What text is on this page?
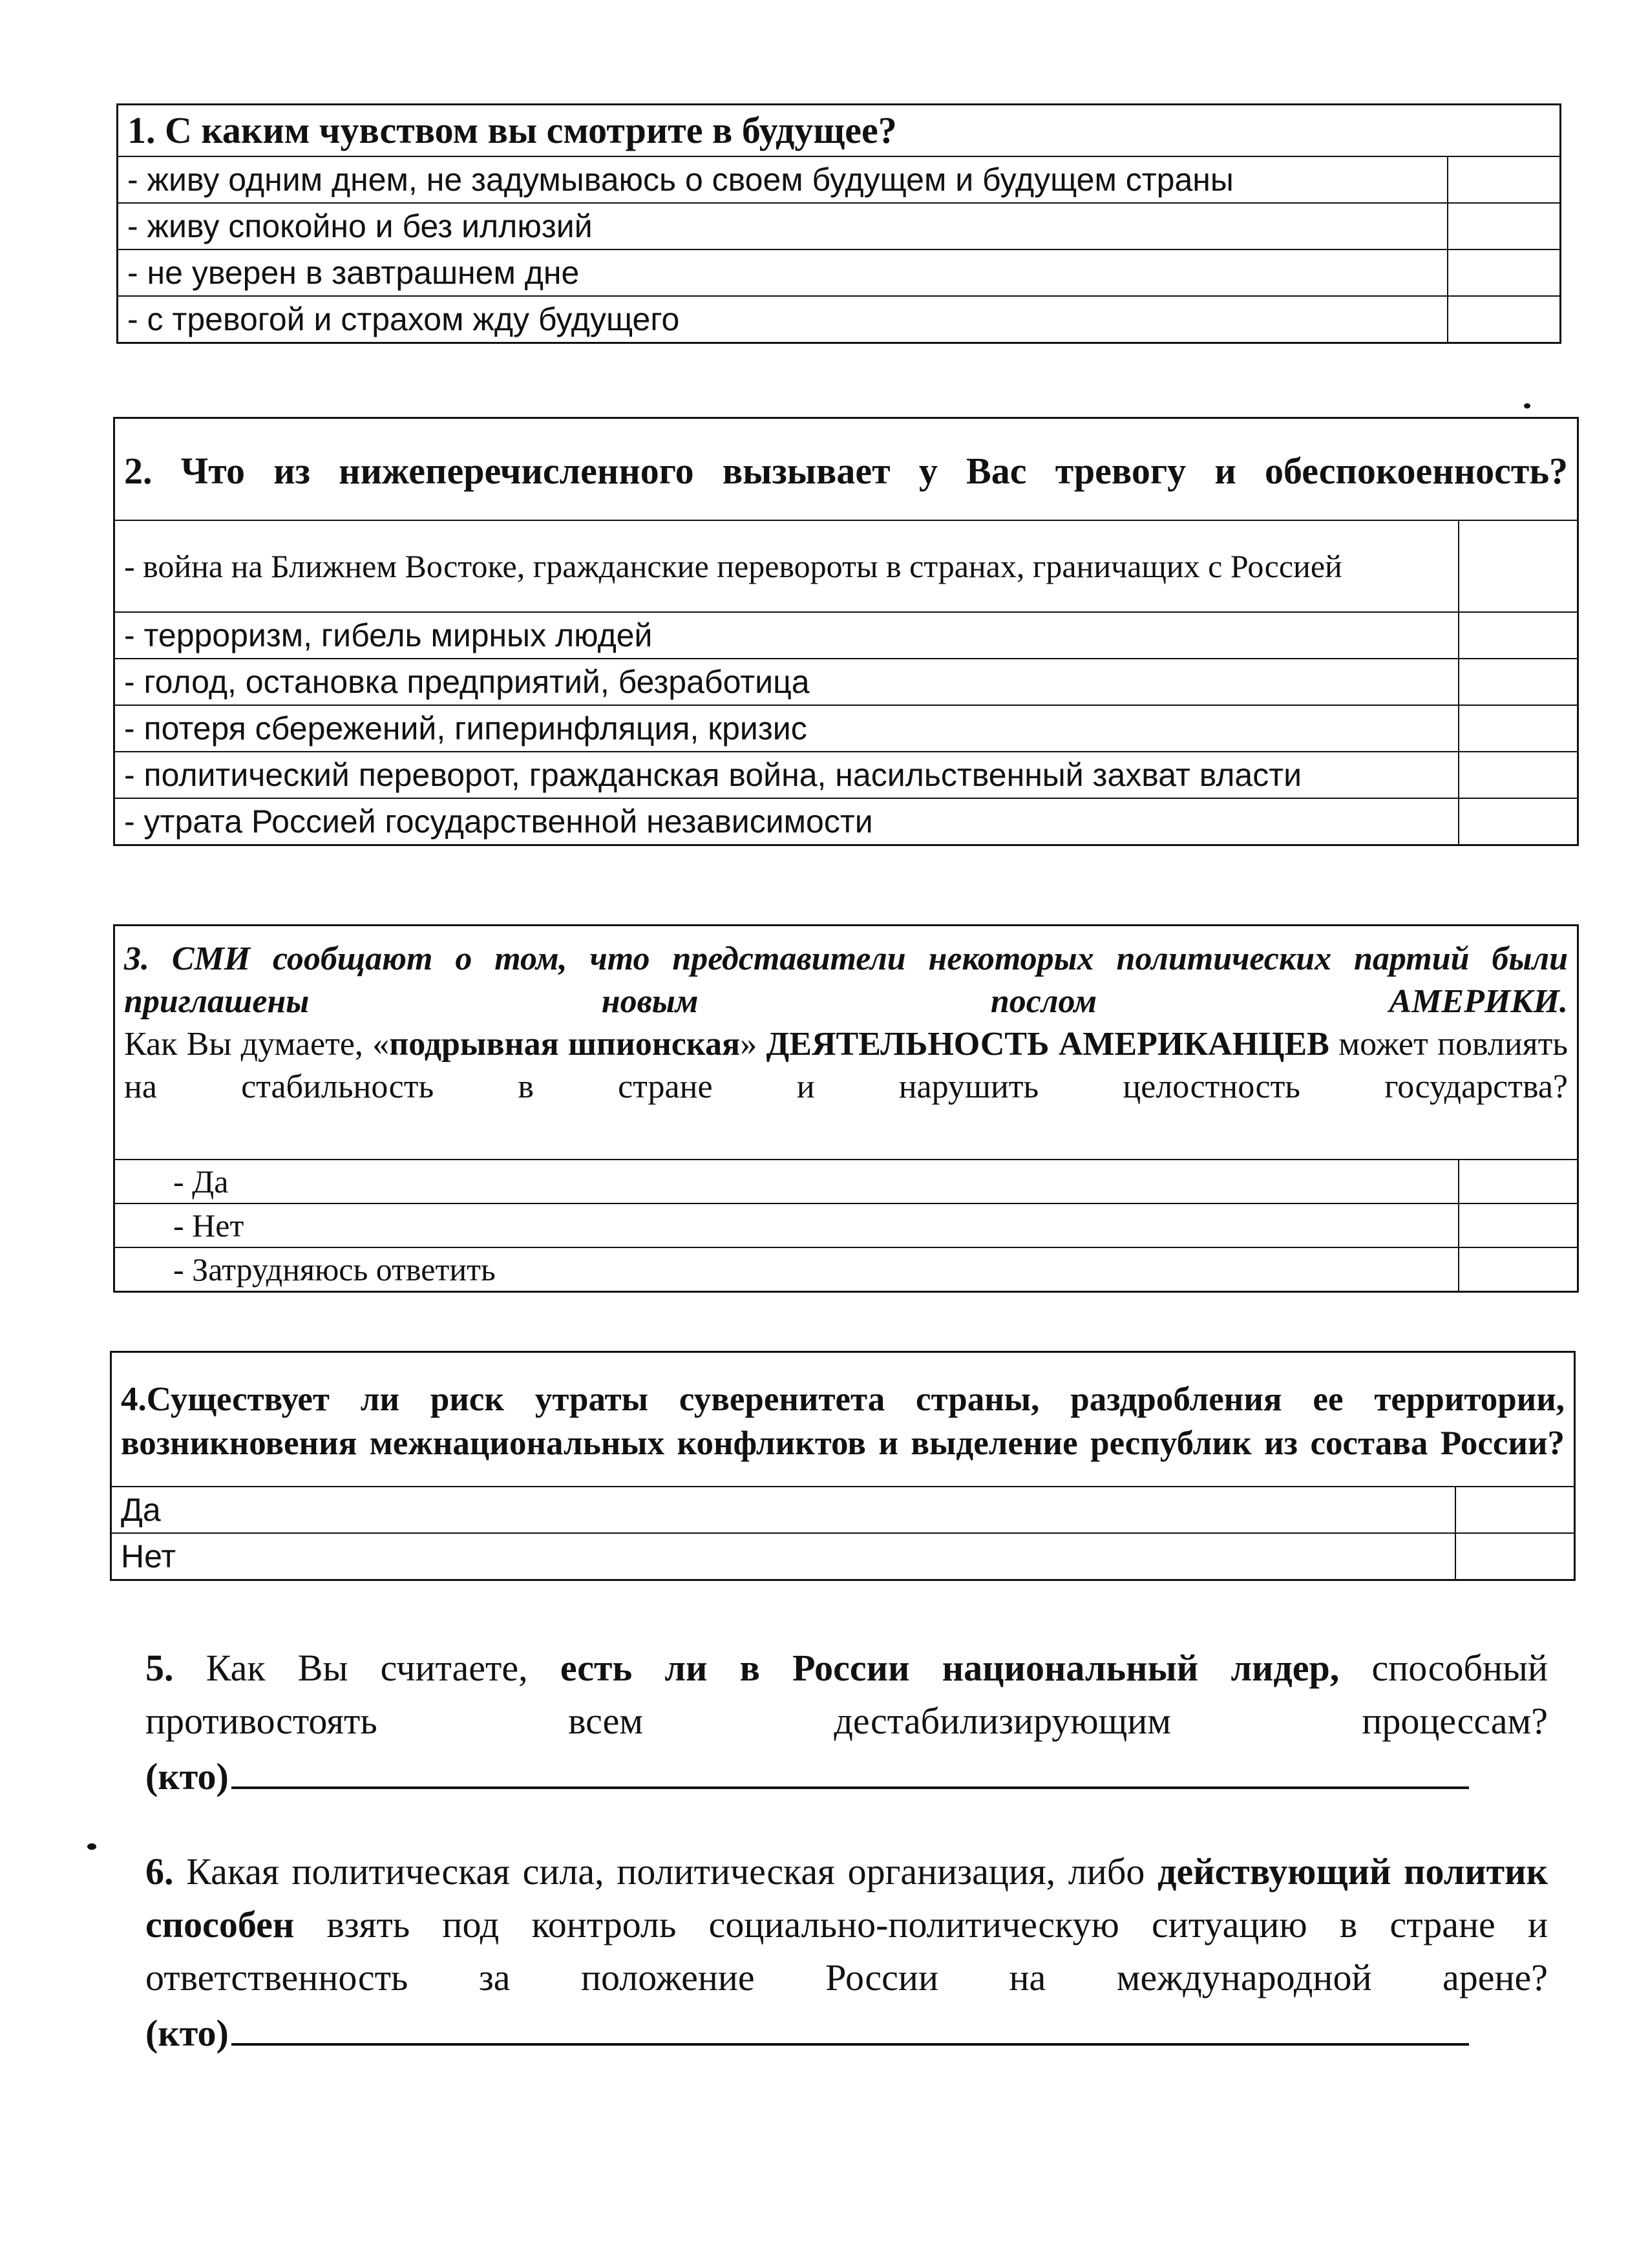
1. С каким чувством вы смотрите в будущее?	
- живу одним днем, не задумываюсь о своем будущем и будущем страны	
- живу спокойно и без иллюзий	
- не уверен в завтрашнем дне	
- с тревогой и страхом жду будущего	
2. Что из нижеперечисленного вызывает у Вас тревогу и обеспокоенность?	
- война на Ближнем Востоке, гражданские перевороты в странах, граничащих с Россией	
- терроризм, гибель мирных людей	
- голод, остановка предприятий, безработица	
- потеря сбережений, гиперинфляция, кризис	
- политический переворот, гражданская война, насильственный захват власти	
- утрата Россией государственной независимости	
3. СМИ сообщают о том, что представители некоторых политических партий были приглашены новым послом АМЕРИКИ.
Как Вы думаете, «подрывная шпионская» ДЕЯТЕЛЬНОСТЬ АМЕРИКАНЦЕВ может повлиять на стабильность в стране и нарушить целостность государства?	

- Да	
- Нет	
- Затрудняюсь ответить	
4.Существует ли риск утраты суверенитета страны, раздробления ее территории, возникновения межнациональных конфликтов и выделение республик из состава России?	
Да	
Нет	
5. Как Вы считаете, есть ли в России национальный лидер, способный противостоять всем дестабилизирующим процессам?
(кто)
6. Какая политическая сила, политическая организация, либо действующий политик способен взять под контроль социально-политическую ситуацию в стране и ответственность за положение России на международной арене?
(кто)
